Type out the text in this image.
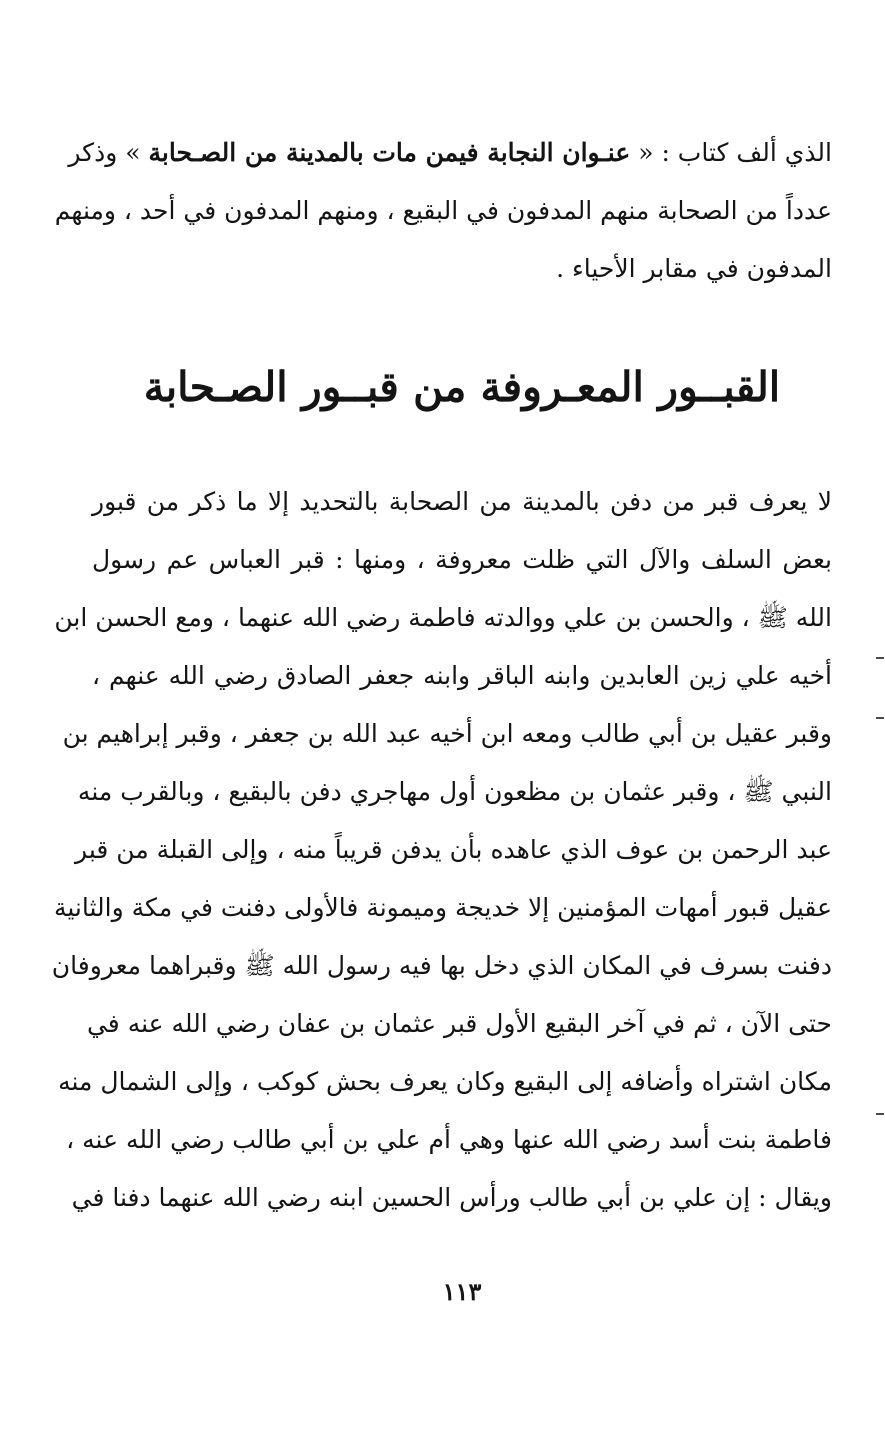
الذي ألف كتاب : « عنـوان النجابة فيمن مات بالمدينة من الصـحابة » وذكر
عدداً من الصحابة منهم المدفون في البقيع ، ومنهم المدفون في أحد ، ومنهم
المدفون في مقابر الأحياء .
القبــور المعـروفة من قبــور الصـحابة
لا يعرف قبر من دفن بالمدينة من الصحابة بالتحديد إلا ما ذكر من قبور
بعض السلف والآل التي ظلت معروفة ، ومنها : قبر العباس عم رسول
الله ﷺ ، والحسن بن علي ووالدته فاطمة رضي الله عنهما ، ومع الحسن ابن
أخيه علي زين العابدين وابنه الباقر وابنه جعفر الصادق رضي الله عنهم ،
وقبر عقيل بن أبي طالب ومعه ابن أخيه عبد الله بن جعفر ، وقبر إبراهيم بن
النبي ﷺ ، وقبر عثمان بن مظعون أول مهاجري دفن بالبقيع ، وبالقرب منه
عبد الرحمن بن عوف الذي عاهده بأن يدفن قريباً منه ، وإلى القبلة من قبر
عقيل قبور أمهات المؤمنين إلا خديجة وميمونة فالأولى دفنت في مكة والثانية
دفنت بسرف في المكان الذي دخل بها فيه رسول الله ﷺ وقبراهما معروفان
حتى الآن ، ثم في آخر البقيع الأول قبر عثمان بن عفان رضي الله عنه في
مكان اشتراه وأضافه إلى البقيع وكان يعرف بحش كوكب ، وإلى الشمال منه
فاطمة بنت أسد رضي الله عنها وهي أم علي بن أبي طالب رضي الله عنه ،
ويقال : إن علي بن أبي طالب ورأس الحسين ابنه رضي الله عنهما دفنا في
١١٣
